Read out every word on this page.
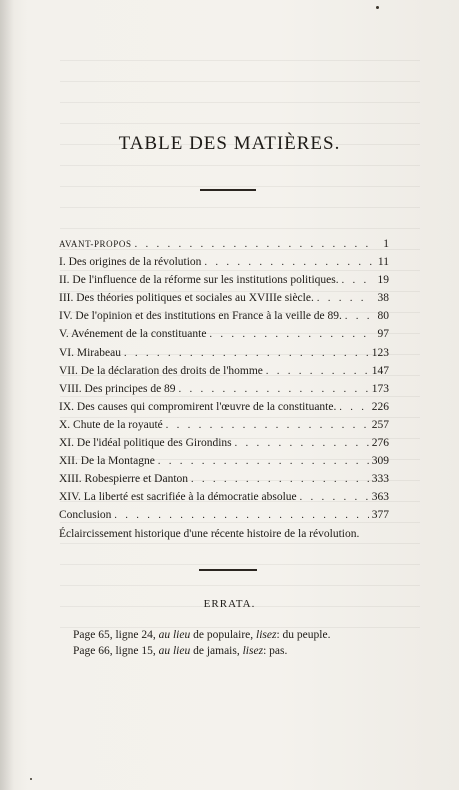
TABLE DES MATIÈRES.
AVANT-PROPOS . . .	1
I. Des origines de la révolution . . .	11
II. De l'influence de la réforme sur les institutions politiques. . . .	19
III. Des théories politiques et sociales au XVIIIe siècle. . . .	38
IV. De l'opinion et des institutions en France à la veille de 89. . . .	80
V. Avénement de la constituante . . .	97
VI. Mirabeau . . .	123
VII. De la déclaration des droits de l'homme . . .	147
VIII. Des principes de 89 . . .	173
IX. Des causes qui compromirent l'œuvre de la constituante. . . .	226
X. Chute de la royauté . . .	257
XI. De l'idéal politique des Girondins . . .	276
XII. De la Montagne . . .	309
XIII. Robespierre et Danton . . .	333
XIV. La liberté est sacrifiée à la démocratie absolue . . .	363
Conclusion . . .	377
Éclaircissement historique d'une récente histoire de la révolution.
ERRATA.
Page 65, ligne 24, au lieu de populaire, lisez: du peuple.
Page 66, ligne 15, au lieu de jamais, lisez: pas.
